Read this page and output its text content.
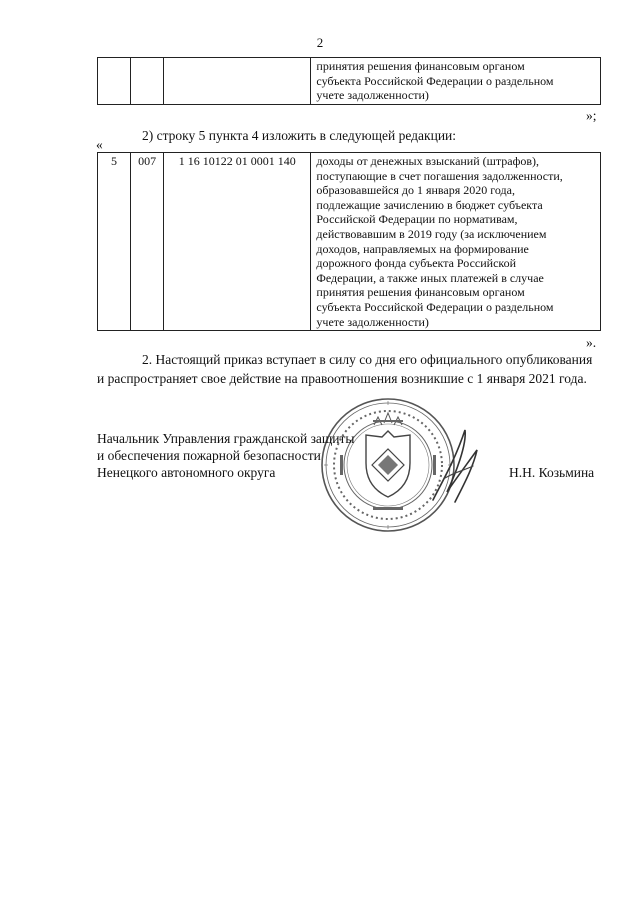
2

принятия решения финансовым органом
субъекта Российской Федерации о раздельном
учете задолженности)
»;
2) строку 5 пункта 4 изложить в следующей редакции:
«
5	007	1 16 10122 01 0001 140	доходы от денежных взысканий (штрафов),
поступающие в счет погашения задолженности,
образовавшейся до 1 января 2020 года,
подлежащие зачислению в бюджет субъекта
Российской Федерации по нормативам,
действовавшим в 2019 году (за исключением
доходов, направляемых на формирование
дорожного фонда субъекта Российской
Федерации, а также иных платежей в случае
принятия решения финансовым органом
субъекта Российской Федерации о раздельном
учете задолженности)
».
2. Настоящий приказ вступает в силу со дня его официального опубликования
и распространяет свое действие на правоотношения возникшие с 1 января 2021 года.
Начальник Управления гражданской защиты
и обеспечения пожарной безопасности
Ненецкого автономного округа	Н.Н. Козьмина
